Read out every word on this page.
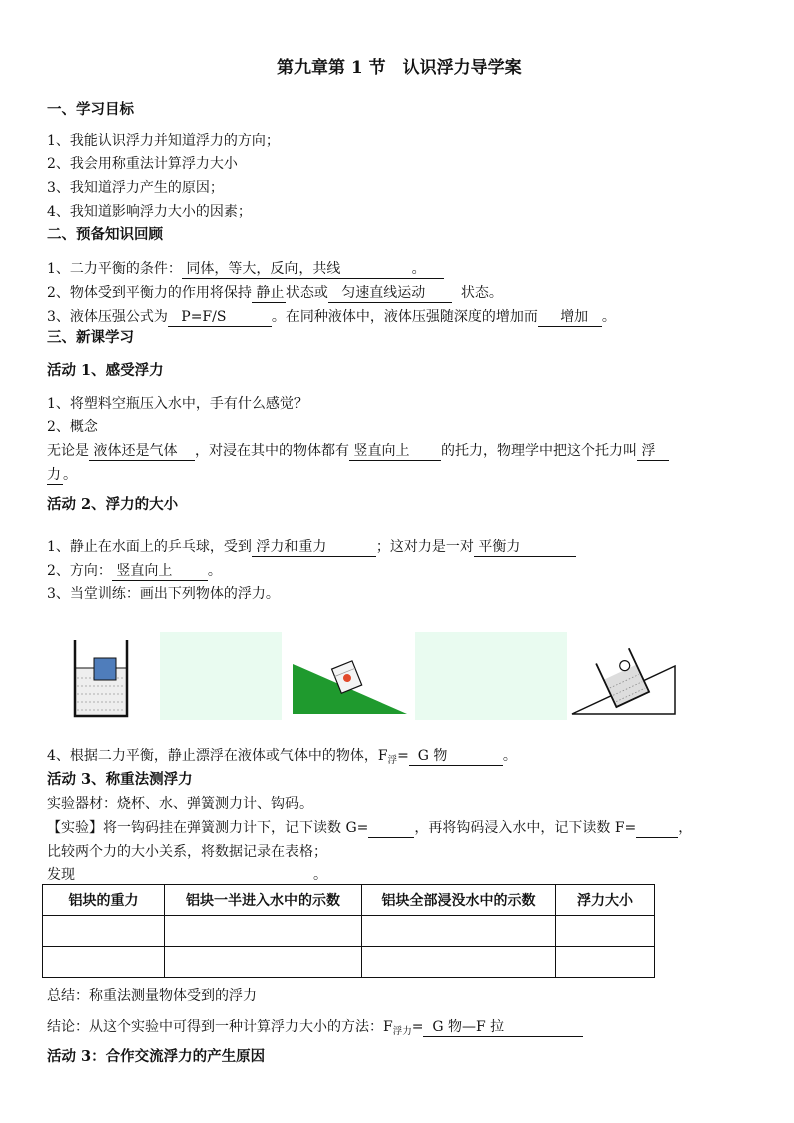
第九章第 1 节　认识浮力导学案
一、学习目标
1、我能认识浮力并知道浮力的方向；
2、我会用称重法计算浮力大小
3、我知道浮力产生的原因；
4、我知道影响浮力大小的因素；
二、预备知识回顾
1、二力平衡的条件： 同体，等大，反向，共线	。
2、物体受到平衡力的作用将保持 静止 状态或 匀速直线运动	状态。
3、液体压强公式为 P=F/S	。在同种液体中，液体压强随深度的增加而 增加 。
三、新课学习
活动 1、感受浮力
1、将塑料空瓶压入水中，手有什么感觉？
2、概念
无论是 液体还是气体 ，对浸在其中的物体都有 竖直向上 的托力，物理学中把这个托力叫 浮
力 。
活动 2、浮力的大小
1、静止在水面上的乒乓球，受到 浮力和重力	；这对力是一对 平衡力
2、方向： 竖直向上	。
3、当堂训练：画出下列物体的浮力。
4、根据二力平衡，静止漂浮在液体或气体中的物体，$F_浮= G$ 物	。
活动 3、称重法测浮力
实验器材：烧杯、水、弹簧测力计、钩码。
【实验】将一钩码挂在弹簧测力计下，记下读数 G=	，再将钩码浸入水中，记下读数 F=	，
比较两个力的大小关系，将数据记录在表格；
发现	。
铝块的重力	铝块一半进入水中的示数	铝块全部浸没水中的示数	浮力大小

总结：称重法测量物体受到的浮力
结论：从这个实验中可得到一种计算浮力大小的方法：$F_{浮力}= G$ 物—F 拉
活动 3：合作交流浮力的产生原因
